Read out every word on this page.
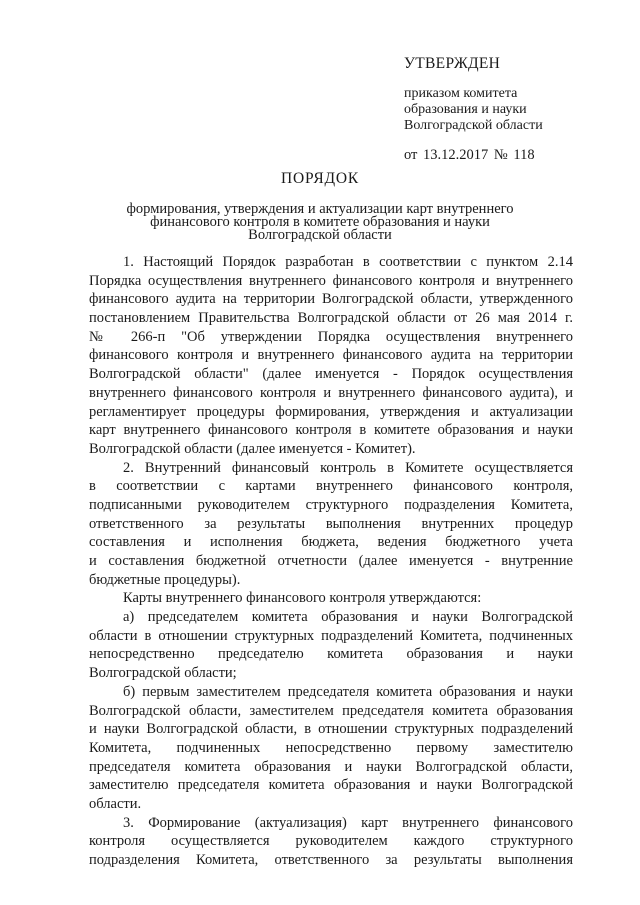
УТВЕРЖДЕН
приказом комитета
образования и науки
Волгоградской области
от 13.12.2017 № 118
ПОРЯДОК
формирования, утверждения и актуализации карт внутреннего
финансового контроля в комитете образования и науки
Волгоградской области
1. Настоящий Порядок разработан в соответствии с пунктом 2.14
Порядка осуществления внутреннего финансового контроля и внутреннего
финансового аудита на территории Волгоградской области, утвержденного
постановлением Правительства Волгоградской области от 26 мая 2014 г.
№ 266-п "Об утверждении Порядка осуществления внутреннего
финансового контроля и внутреннего финансового аудита на территории
Волгоградской области" (далее именуется - Порядок осуществления
внутреннего финансового контроля и внутреннего финансового аудита), и
регламентирует процедуры формирования, утверждения и актуализации
карт внутреннего финансового контроля в комитете образования и науки
Волгоградской области (далее именуется - Комитет).
2. Внутренний финансовый контроль в Комитете осуществляется
в соответствии с картами внутреннего финансового контроля,
подписанными руководителем структурного подразделения Комитета,
ответственного за результаты выполнения внутренних процедур
составления и исполнения бюджета, ведения бюджетного учета
и составления бюджетной отчетности (далее именуется - внутренние
бюджетные процедуры).
Карты внутреннего финансового контроля утверждаются:
а) председателем комитета образования и науки Волгоградской
области в отношении структурных подразделений Комитета, подчиненных
непосредственно председателю комитета образования и науки
Волгоградской области;
б) первым заместителем председателя комитета образования и науки
Волгоградской области, заместителем председателя комитета образования
и науки Волгоградской области, в отношении структурных подразделений
Комитета, подчиненных непосредственно первому заместителю
председателя комитета образования и науки Волгоградской области,
заместителю председателя комитета образования и науки Волгоградской
области.
3. Формирование (актуализация) карт внутреннего финансового
контроля осуществляется руководителем каждого структурного
подразделения Комитета, ответственного за результаты выполнения
